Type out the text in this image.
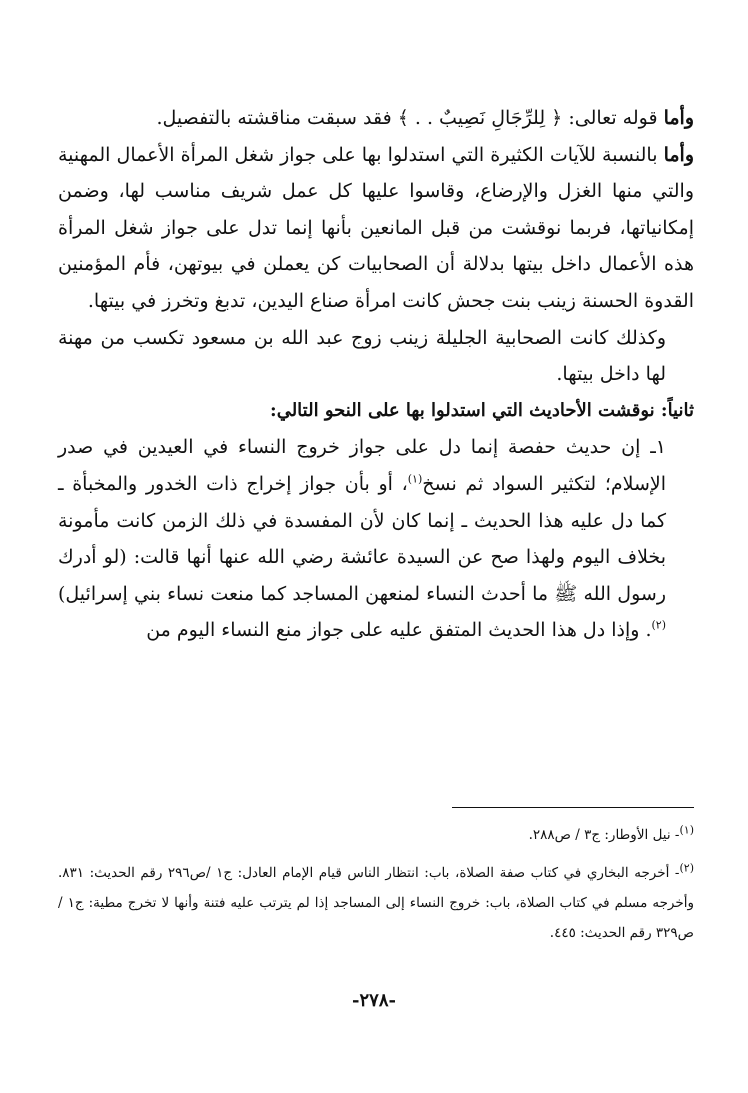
وأما قوله تعالى: ﴿ لِلرِّجَالِ نَصِيبٌ . . ﴾ فقد سبقت مناقشته بالتفصيل.

وأما بالنسبة للآيات الكثيرة التي استدلوا بها على جواز شغل المرأة الأعمال المهنية والتي منها الغزل والإرضاع، وقاسوا عليها كل عمل شريف مناسب لها، وضمن إمكانياتها، فربما نوقشت من قبل المانعين بأنها إنما تدل على جواز شغل المرأة هذه الأعمال داخل بيتها بدلالة أن الصحابيات كن يعملن في بيوتهن، فأم المؤمنين القدوة الحسنة زينب بنت جحش كانت امرأة صناع اليدين، تدبغ وتخرز في بيتها.

وكذلك كانت الصحابية الجليلة زينب زوج عبد الله بن مسعود تكسب من مهنة لها داخل بيتها.

ثانياً: نوقشت الأحاديث التي استدلوا بها على النحو التالي:

١ـ إن حديث حفصة إنما دل على جواز خروج النساء في العيدين في صدر الإسلام؛ لتكثير السواد ثم نسخ$^{(١)}$، أو بأن جواز إخراج ذات الخدور والمخبأة ـ كما دل عليه هذا الحديث ـ إنما كان لأن المفسدة في ذلك الزمن كانت مأمونة بخلاف اليوم ولهذا صح عن السيدة عائشة رضي الله عنها أنها قالت: (لو أدرك رسول الله ﷺ ما أحدث النساء لمنعهن المساجد كما منعت نساء بني إسرائيل)$^{(٢)}$. وإذا دل هذا الحديث المتفق عليه على جواز منع النساء اليوم من

$^{(١)}$- نيل الأوطار: ج٣ / ص٢٨٨.

$^{(٢)}$- أخرجه البخاري في كتاب صفة الصلاة، باب: انتظار الناس قيام الإمام العادل: ج١ /ص٢٩٦ رقم الحديث: ٨٣١. وأخرجه مسلم في كتاب الصلاة، باب: خروج النساء إلى المساجد إذا لم يترتب عليه فتنة وأنها لا تخرج مطية: ج١ / ص٣٢٩ رقم الحديث: ٤٤٥.

-٢٧٨-
